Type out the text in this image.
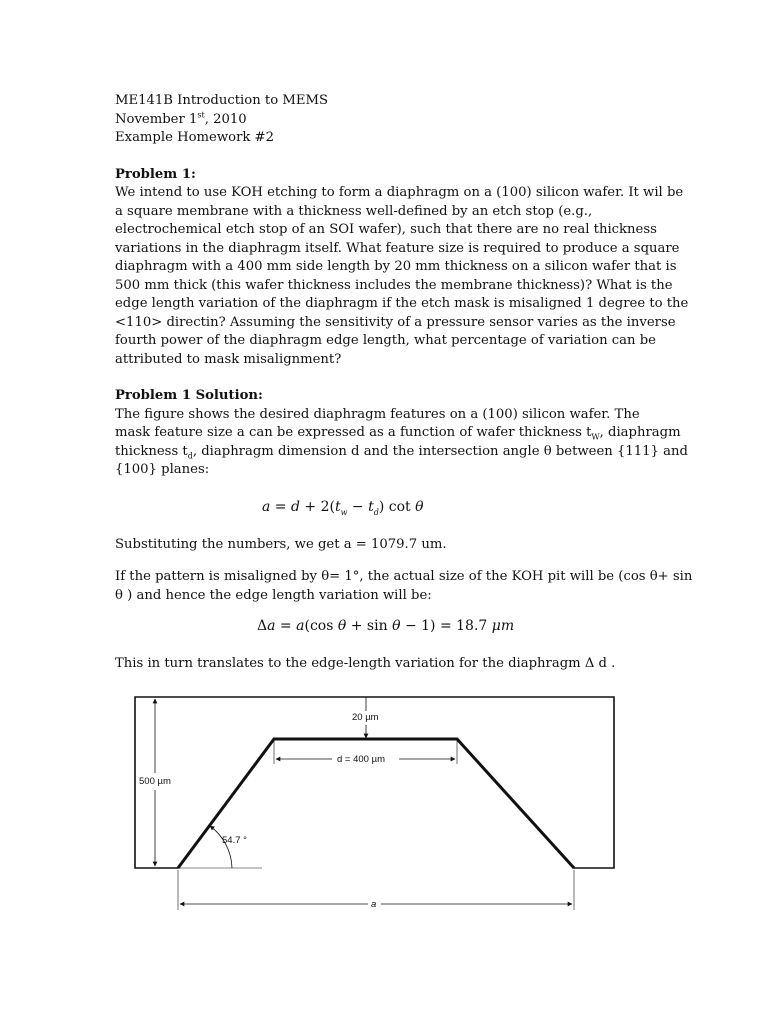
ME141B Introduction to MEMS
November 1st, 2010
Example Homework #2
Problem 1:
We intend to use KOH etching to form a diaphragm on a (100) silicon wafer. It wil be
a square membrane with a thickness well-defined by an etch stop (e.g.,
electrochemical etch stop of an SOI wafer), such that there are no real thickness
variations in the diaphragm itself. What feature size is required to produce a square
diaphragm with a 400 mm side length by 20 mm thickness on a silicon wafer that is
500 mm thick (this wafer thickness includes the membrane thickness)? What is the
edge length variation of the diaphragm if the etch mask is misaligned 1 degree to the
<110> directin? Assuming the sensitivity of a pressure sensor varies as the inverse
fourth power of the diaphragm edge length, what percentage of variation can be
attributed to mask misalignment?
Problem 1 Solution:
The figure shows the desired diaphragm features on a (100) silicon wafer. The
mask feature size a can be expressed as a function of wafer thickness $t_W$, diaphragm
thickness $t_d$, diaphragm dimension d and the intersection angle θ between {111} and
{100} planes:
$a = d + 2(t_w - t_d)$ cot θ
Substituting the numbers, we get a = 1079.7 um.
If the pattern is misaligned by θ= 1°, the actual size of the KOH pit will be (cos θ+ sin
θ ) and hence the edge length variation will be:
Δa = a(cos θ + sin θ − 1) = 18.7 μm
This in turn translates to the edge-length variation for the diaphragm Δ d .
20 µm
d = 400 µm
500 µm
54.7 °
a
